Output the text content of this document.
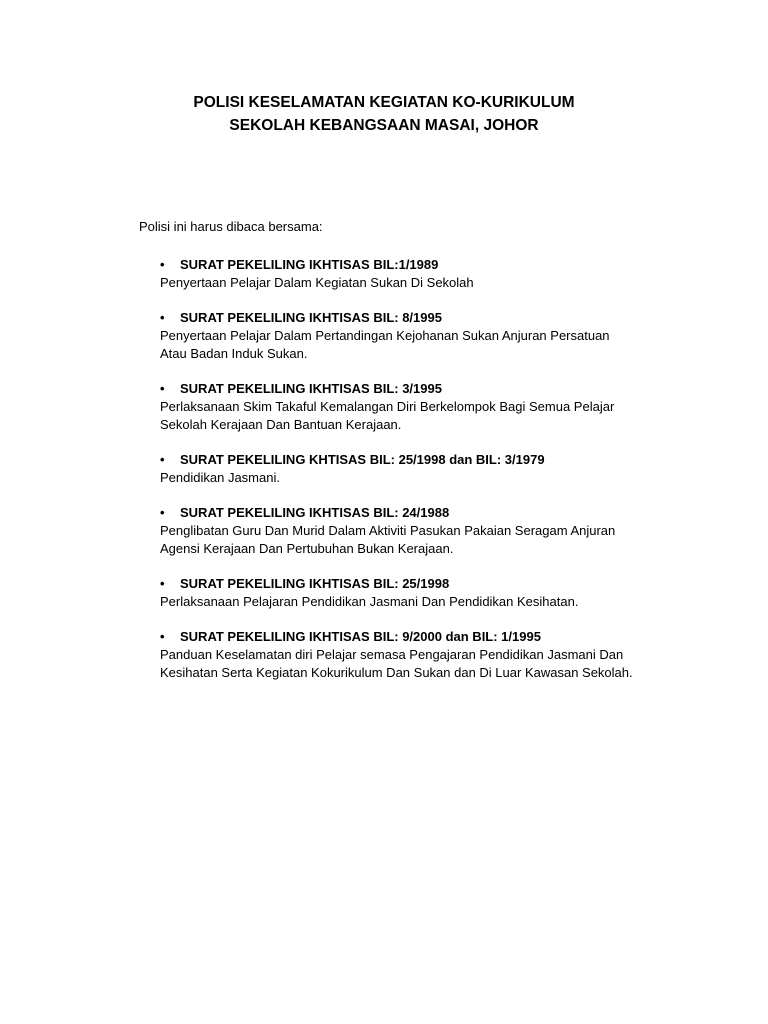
POLISI KESELAMATAN KEGIATAN KO-KURIKULUM
SEKOLAH KEBANGSAAN MASAI, JOHOR
Polisi ini harus dibaca bersama:
• SURAT PEKELILING IKHTISAS BIL:1/1989
Penyertaan Pelajar Dalam Kegiatan Sukan Di Sekolah
• SURAT PEKELILING IKHTISAS BIL: 8/1995
Penyertaan Pelajar Dalam Pertandingan Kejohanan Sukan Anjuran Persatuan
Atau Badan Induk Sukan.
• SURAT PEKELILING IKHTISAS BIL: 3/1995
Perlaksanaan Skim Takaful Kemalangan Diri Berkelompok Bagi Semua Pelajar
Sekolah Kerajaan Dan Bantuan Kerajaan.
• SURAT PEKELILING KHTISAS BIL: 25/1998 dan BIL: 3/1979
Pendidikan Jasmani.
• SURAT PEKELILING IKHTISAS BIL: 24/1988
Penglibatan Guru Dan Murid Dalam Aktiviti Pasukan Pakaian Seragam Anjuran
Agensi Kerajaan Dan Pertubuhan Bukan Kerajaan.
• SURAT PEKELILING IKHTISAS BIL: 25/1998
Perlaksanaan Pelajaran Pendidikan Jasmani Dan Pendidikan Kesihatan.
• SURAT PEKELILING IKHTISAS BIL: 9/2000 dan BIL: 1/1995
Panduan Keselamatan diri Pelajar semasa Pengajaran Pendidikan Jasmani Dan
Kesihatan Serta Kegiatan Kokurikulum Dan Sukan dan Di Luar Kawasan Sekolah.
